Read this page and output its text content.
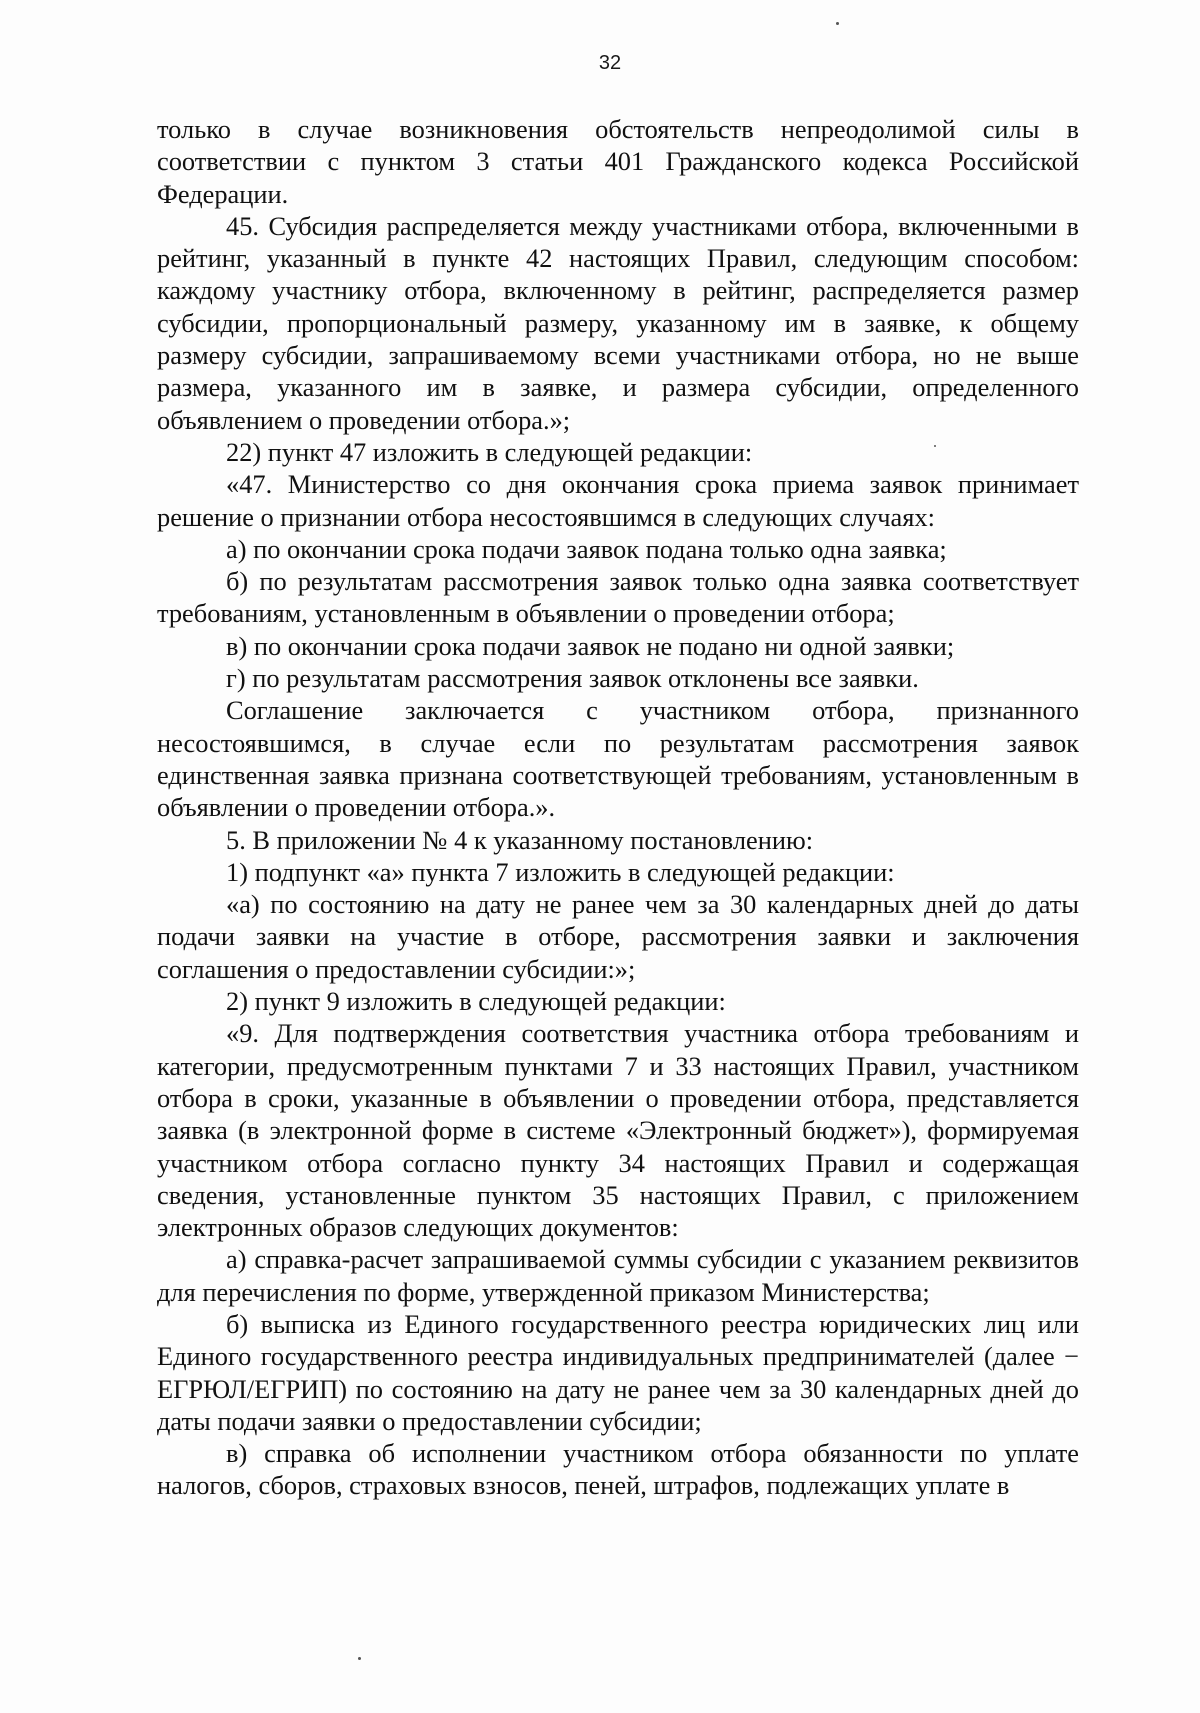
32

только в случае возникновения обстоятельств непреодолимой силы в соответствии с пунктом 3 статьи 401 Гражданского кодекса Российской Федерации.

45. Субсидия распределяется между участниками отбора, включенными в рейтинг, указанный в пункте 42 настоящих Правил, следующим способом: каждому участнику отбора, включенному в рейтинг, распределяется размер субсидии, пропорциональный размеру, указанному им в заявке, к общему размеру субсидии, запрашиваемому всеми участниками отбора, но не выше размера, указанного им в заявке, и размера субсидии, определенного объявлением о проведении отбора.»;

22) пункт 47 изложить в следующей редакции:

«47. Министерство со дня окончания срока приема заявок принимает решение о признании отбора несостоявшимся в следующих случаях:

а) по окончании срока подачи заявок подана только одна заявка;

б) по результатам рассмотрения заявок только одна заявка соответствует требованиям, установленным в объявлении о проведении отбора;

в) по окончании срока подачи заявок не подано ни одной заявки;

г) по результатам рассмотрения заявок отклонены все заявки.

Соглашение заключается с участником отбора, признанного несостоявшимся, в случае если по результатам рассмотрения заявок единственная заявка признана соответствующей требованиям, установленным в объявлении о проведении отбора.».

5. В приложении № 4 к указанному постановлению:

1) подпункт «а» пункта 7 изложить в следующей редакции:

«а) по состоянию на дату не ранее чем за 30 календарных дней до даты подачи заявки на участие в отборе, рассмотрения заявки и заключения соглашения о предоставлении субсидии:»;

2) пункт 9 изложить в следующей редакции:

«9. Для подтверждения соответствия участника отбора требованиям и категории, предусмотренным пунктами 7 и 33 настоящих Правил, участником отбора в сроки, указанные в объявлении о проведении отбора, представляется заявка (в электронной форме в системе «Электронный бюджет»), формируемая участником отбора согласно пункту 34 настоящих Правил и содержащая сведения, установленные пунктом 35 настоящих Правил, с приложением электронных образов следующих документов:

а) справка-расчет запрашиваемой суммы субсидии с указанием реквизитов для перечисления по форме, утвержденной приказом Министерства;

б) выписка из Единого государственного реестра юридических лиц или Единого государственного реестра индивидуальных предпринимателей (далее − ЕГРЮЛ/ЕГРИП) по состоянию на дату не ранее чем за 30 календарных дней до даты подачи заявки о предоставлении субсидии;

в) справка об исполнении участником отбора обязанности по уплате налогов, сборов, страховых взносов, пеней, штрафов, подлежащих уплате в
